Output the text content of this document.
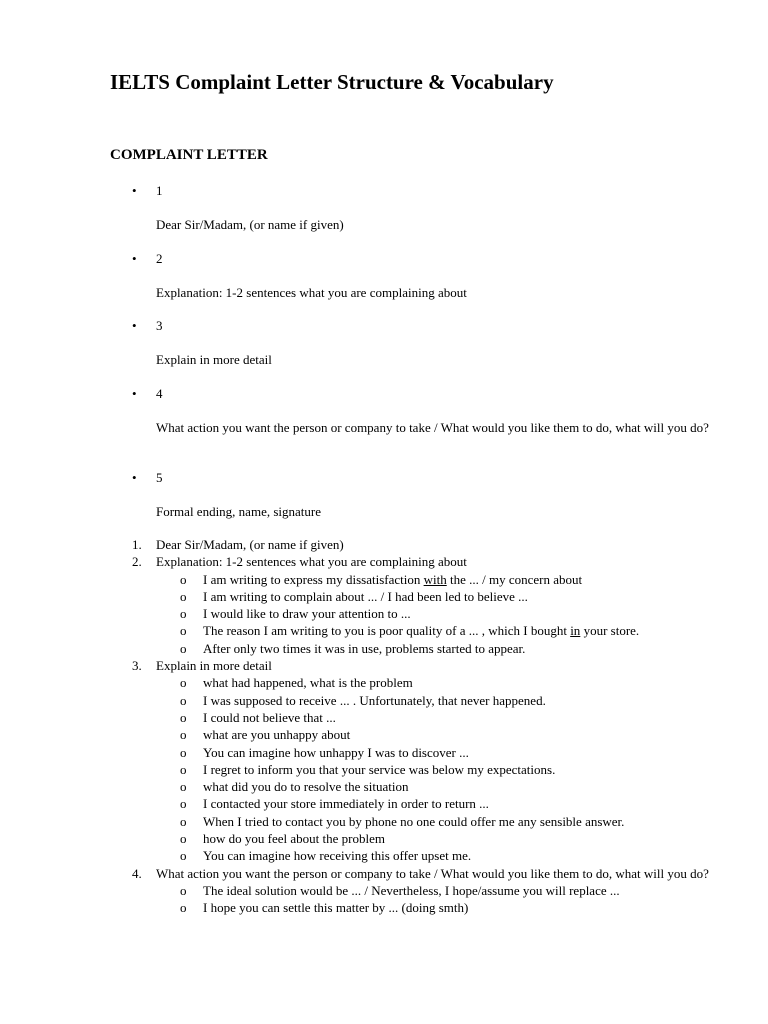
IELTS Complaint Letter Structure & Vocabulary
COMPLAINT LETTER
• 1
Dear Sir/Madam, (or name if given)
• 2
Explanation: 1-2 sentences what you are complaining about
• 3
Explain in more detail
• 4
What action you want the person or company to take / What would you like them to do, what will you do?
• 5
Formal ending, name, signature
1. Dear Sir/Madam, (or name if given)
2. Explanation: 1-2 sentences what you are complaining about
o I am writing to express my dissatisfaction with the ... / my concern about
o I am writing to complain about ... / I had been led to believe ...
o I would like to draw your attention to ...
o The reason I am writing to you is poor quality of a ... , which I bought in your store.
o After only two times it was in use, problems started to appear.
3. Explain in more detail
o what had happened, what is the problem
o I was supposed to receive ... . Unfortunately, that never happened.
o I could not believe that ...
o what are you unhappy about
o You can imagine how unhappy I was to discover ...
o I regret to inform you that your service was below my expectations.
o what did you do to resolve the situation
o I contacted your store immediately in order to return ...
o When I tried to contact you by phone no one could offer me any sensible answer.
o how do you feel about the problem
o You can imagine how receiving this offer upset me.
4. What action you want the person or company to take / What would you like them to do, what will you do?
o The ideal solution would be ... / Nevertheless, I hope/assume you will replace ...
o I hope you can settle this matter by ... (doing smth)
